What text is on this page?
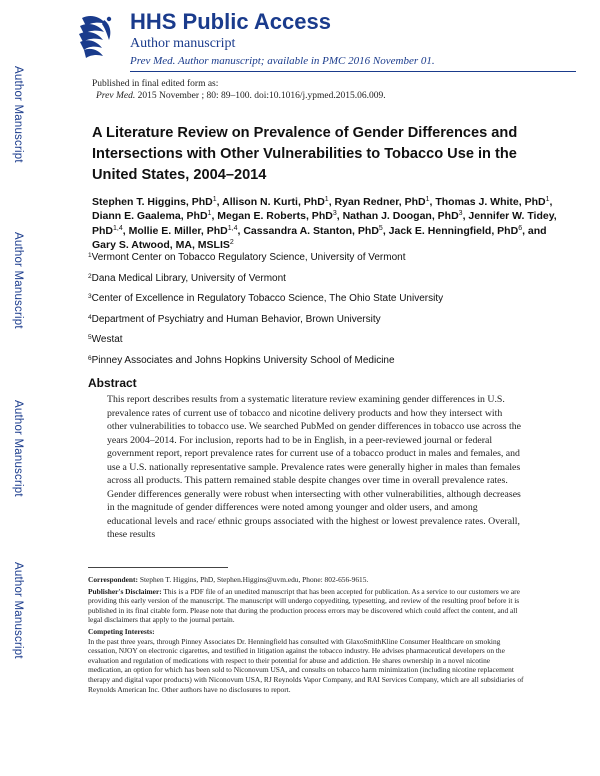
Author Manuscript
Author Manuscript
Author Manuscript
Author Manuscript
HHS Public Access

Author manuscript

Prev Med. Author manuscript; available in PMC 2016 November 01.

Published in final edited form as:
Prev Med. 2015 November ; 80: 89–100. doi:10.1016/j.ypmed.2015.06.009.
A Literature Review on Prevalence of Gender Differences and Intersections with Other Vulnerabilities to Tobacco Use in the United States, 2004–2014
Stephen T. Higgins, PhD$^1$, Allison N. Kurti, PhD$^1$, Ryan Redner, PhD$^1$, Thomas J. White, PhD$^1$, Diann E. Gaalema, PhD$^1$, Megan E. Roberts, PhD$^3$, Nathan J. Doogan, PhD$^3$, Jennifer W. Tidey, PhD$^{1,4}$, Mollie E. Miller, PhD$^{1,4}$, Cassandra A. Stanton, PhD$^5$, Jack E. Henningfield, PhD$^6$, and Gary S. Atwood, MA, MSLIS$^2$
$^1$Vermont Center on Tobacco Regulatory Science, University of Vermont
$^2$Dana Medical Library, University of Vermont
$^3$Center of Excellence in Regulatory Tobacco Science, The Ohio State University
$^4$Department of Psychiatry and Human Behavior, Brown University
$^5$Westat
$^6$Pinney Associates and Johns Hopkins University School of Medicine
Abstract

This report describes results from a systematic literature review examining gender differences in U.S. prevalence rates of current use of tobacco and nicotine delivery products and how they intersect with other vulnerabilities to tobacco use. We searched PubMed on gender differences in tobacco use across the years 2004–2014. For inclusion, reports had to be in English, in a peer-reviewed journal or federal government report, report prevalence rates for current use of a tobacco product in males and females, and use a U.S. nationally representative sample. Prevalence rates were generally higher in males than females across all products. This pattern remained stable despite changes over time in overall prevalence rates. Gender differences generally were robust when intersecting with other vulnerabilities, although decreases in the magnitude of gender differences were noted among younger and older users, and among educational levels and race/ ethnic groups associated with the highest or lowest prevalence rates. Overall, these results

Correspondent: Stephen T. Higgins, PhD, Stephen.Higgins@uvm.edu, Phone: 802-656-9615.

Publisher's Disclaimer: This is a PDF file of an unedited manuscript that has been accepted for publication. As a service to our customers we are providing this early version of the manuscript. The manuscript will undergo copyediting, typesetting, and review of the resulting proof before it is published in its final citable form. Please note that during the production process errors may be discovered which could affect the content, and all legal disclaimers that apply to the journal pertain.

Competing Interests:

In the past three years, through Pinney Associates Dr. Henningfield has consulted with GlaxoSmithKline Consumer Healthcare on smoking cessation, NJOY on electronic cigarettes, and testified in litigation against the tobacco industry. He advises pharmaceutical developers on the evaluation and regulation of medications with respect to their potential for abuse and addiction. He shares ownership in a novel nicotine medication, an option for which has been sold to Niconovum USA, and consults on tobacco harm minimization (including nicotine replacement therapy and digital vapor products) with Niconovum USA, RJ Reynolds Vapor Company, and RAI Services Company, which are all subsidiaries of Reynolds American Inc. Other authors have no disclosures to report.
